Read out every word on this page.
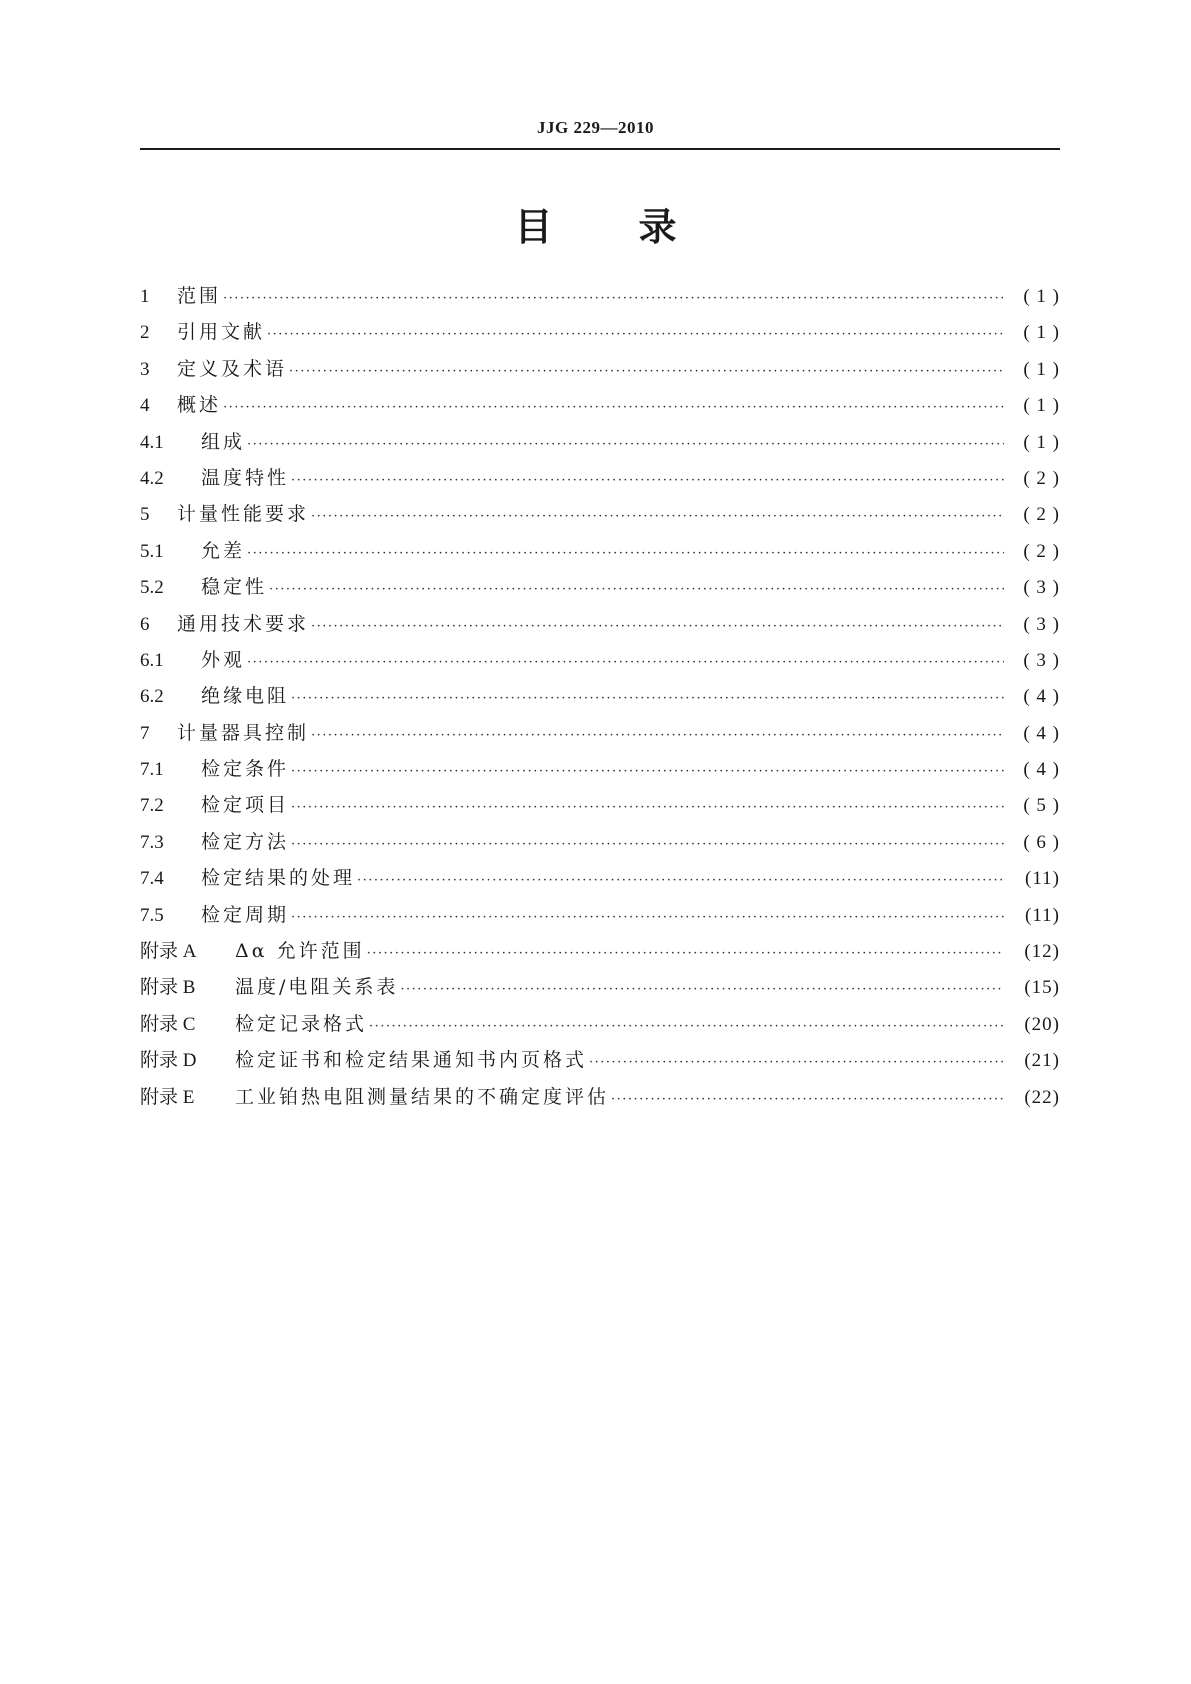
JJG 229—2010
目 录
1	范围 ·····	( 1 )
2	引用文献 ·····	( 1 )
3	定义及术语 ·····	( 1 )
4	概述 ·····	( 1 )
4.1	组成 ·····	( 1 )
4.2	温度特性 ·····	( 2 )
5	计量性能要求 ·····	( 2 )
5.1	允差 ·····	( 2 )
5.2	稳定性 ·····	( 3 )
6	通用技术要求 ·····	( 3 )
6.1	外观 ·····	( 3 )
6.2	绝缘电阻 ·····	( 4 )
7	计量器具控制 ·····	( 4 )
7.1	检定条件 ·····	( 4 )
7.2	检定项目 ·····	( 5 )
7.3	检定方法 ·····	( 6 )
7.4	检定结果的处理 ·····	(11)
7.5	检定周期 ·····	(11)
附录 A	Δα 允许范围 ·····	(12)
附录 B	温度/电阻关系表 ·····	(15)
附录 C	检定记录格式 ·····	(20)
附录 D	检定证书和检定结果通知书内页格式 ·····	(21)
附录 E	工业铂热电阻测量结果的不确定度评估 ·····	(22)
